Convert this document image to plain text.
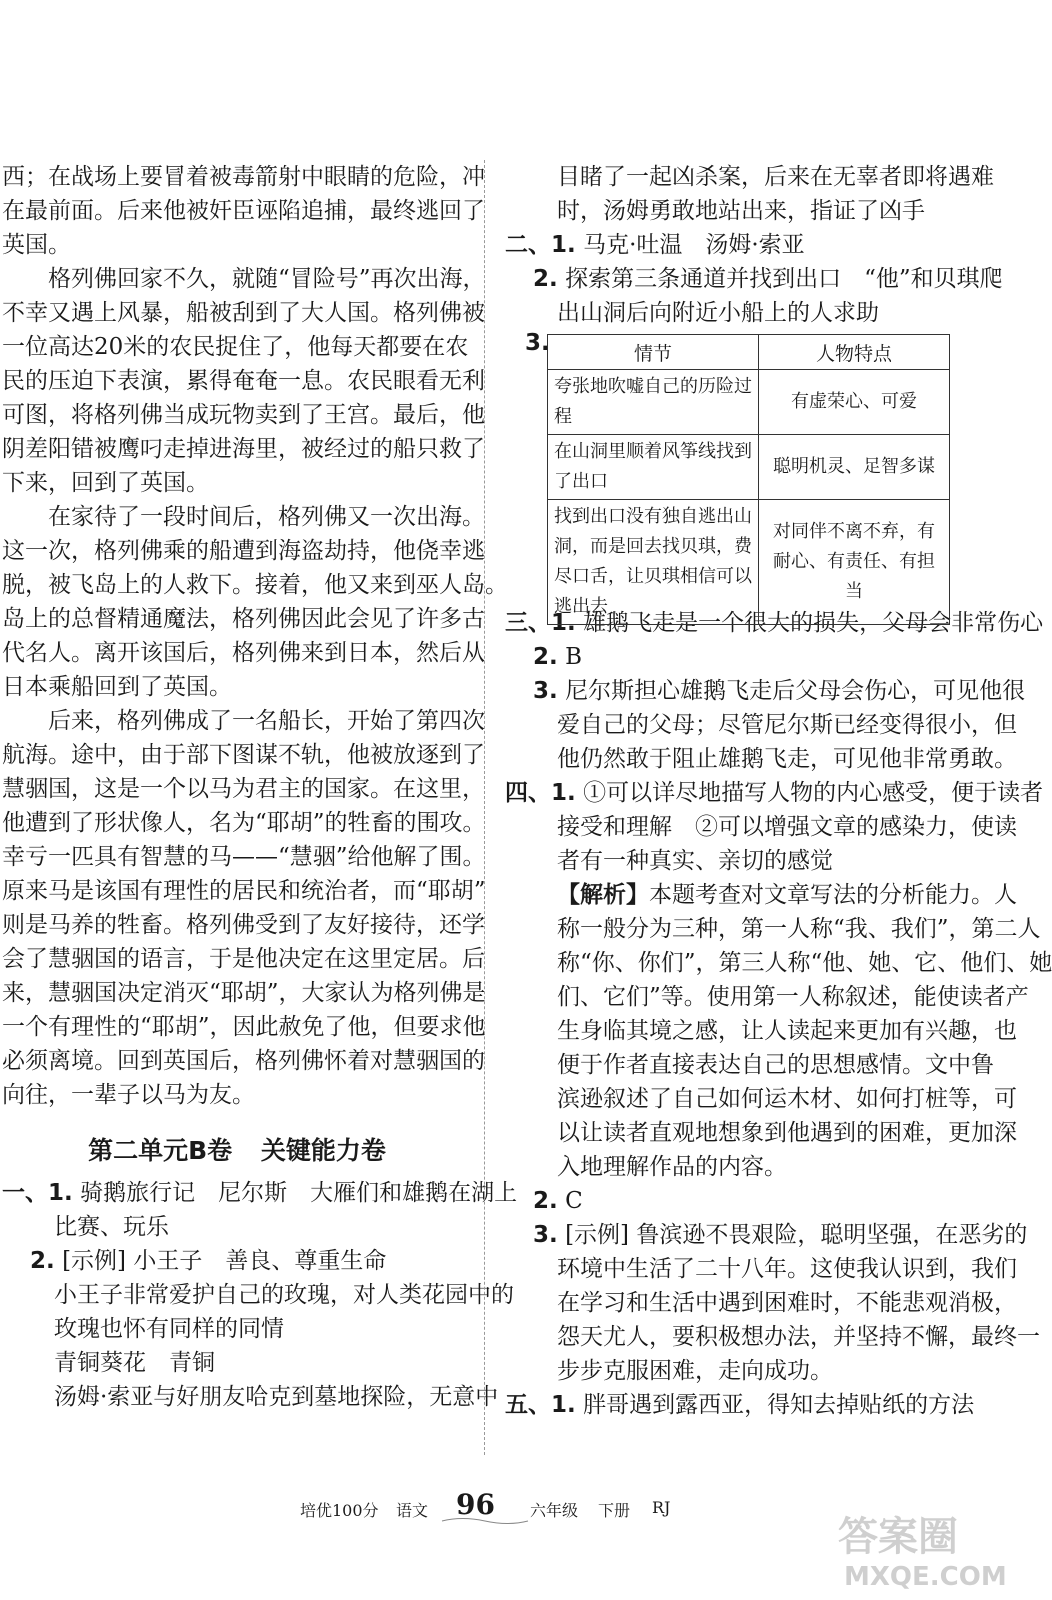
西；在战场上要冒着被毒箭射中眼睛的危险，冲
在最前面。后来他被奸臣诬陷追捕，最终逃回了
英国。
格列佛回家不久，就随“冒险号”再次出海，
不幸又遇上风暴，船被刮到了大人国。格列佛被
一位高达20米的农民捉住了，他每天都要在农
民的压迫下表演，累得奄奄一息。农民眼看无利
可图，将格列佛当成玩物卖到了王宫。最后，他
阴差阳错被鹰叼走掉进海里，被经过的船只救了
下来，回到了英国。
在家待了一段时间后，格列佛又一次出海。
这一次，格列佛乘的船遭到海盗劫持，他侥幸逃
脱，被飞岛上的人救下。接着，他又来到巫人岛。
岛上的总督精通魔法，格列佛因此会见了许多古
代名人。离开该国后，格列佛来到日本，然后从
日本乘船回到了英国。
后来，格列佛成了一名船长，开始了第四次
航海。途中，由于部下图谋不轨，他被放逐到了
慧骃国，这是一个以马为君主的国家。在这里，
他遭到了形状像人，名为“耶胡”的牲畜的围攻。
幸亏一匹具有智慧的马——“慧骃”给他解了围。
原来马是该国有理性的居民和统治者，而“耶胡”
则是马养的牲畜。格列佛受到了友好接待，还学
会了慧骃国的语言，于是他决定在这里定居。后
来，慧骃国决定消灭“耶胡”，大家认为格列佛是
一个有理性的“耶胡”，因此赦免了他，但要求他
必须离境。回到英国后，格列佛怀着对慧骃国的
向往，一辈子以马为友。
第二单元B卷 关键能力卷
一、1. 骑鹅旅行记　尼尔斯　大雁们和雄鹅在湖上
比赛、玩乐
2. [示例] 小王子　善良、尊重生命
小王子非常爱护自己的玫瑰，对人类花园中的
玫瑰也怀有同样的同情
青铜葵花　青铜
汤姆·索亚与好朋友哈克到墓地探险，无意中
目睹了一起凶杀案，后来在无辜者即将遇难
时，汤姆勇敢地站出来，指证了凶手
二、1. 马克·吐温　汤姆·索亚
2. 探索第三条通道并找到出口　“他”和贝琪爬
出山洞后向附近小船上的人求助
3.	情节	人物特点
夸张地吹嘘自己的历险过程	有虚荣心、可爱
在山洞里顺着风筝线找到了出口	聪明机灵、足智多谋
找到出口没有独自逃出山洞，而是回去找贝琪，费尽口舌，让贝琪相信可以逃出去	对同伴不离不弃，有耐心、有责任、有担当
三、1. 雄鹅飞走是一个很大的损失，父母会非常伤心
2. B
3. 尼尔斯担心雄鹅飞走后父母会伤心，可见他很
爱自己的父母；尽管尼尔斯已经变得很小，但
他仍然敢于阻止雄鹅飞走，可见他非常勇敢。
四、1. ①可以详尽地描写人物的内心感受，便于读者
接受和理解　②可以增强文章的感染力，使读
者有一种真实、亲切的感觉
【解析】本题考查对文章写法的分析能力。人
称一般分为三种，第一人称“我、我们”，第二人
称“你、你们”，第三人称“他、她、它、他们、她
们、它们”等。使用第一人称叙述，能使读者产
生身临其境之感，让人读起来更加有兴趣，也
便于作者直接表达自己的思想感情。文中鲁
滨逊叙述了自己如何运木材、如何打桩等，可
以让读者直观地想象到他遇到的困难，更加深
入地理解作品的内容。
2. C
3. [示例] 鲁滨逊不畏艰险，聪明坚强，在恶劣的
环境中生活了二十八年。这使我认识到，我们
在学习和生活中遇到困难时，不能悲观消极，
怨天尤人，要积极想办法，并坚持不懈，最终一
步步克服困难，走向成功。
五、1. 胖哥遇到露西亚，得知去掉贴纸的方法
培优100分 语文 96 六年级 下册 RJ
答案圈
MXQE.COM
